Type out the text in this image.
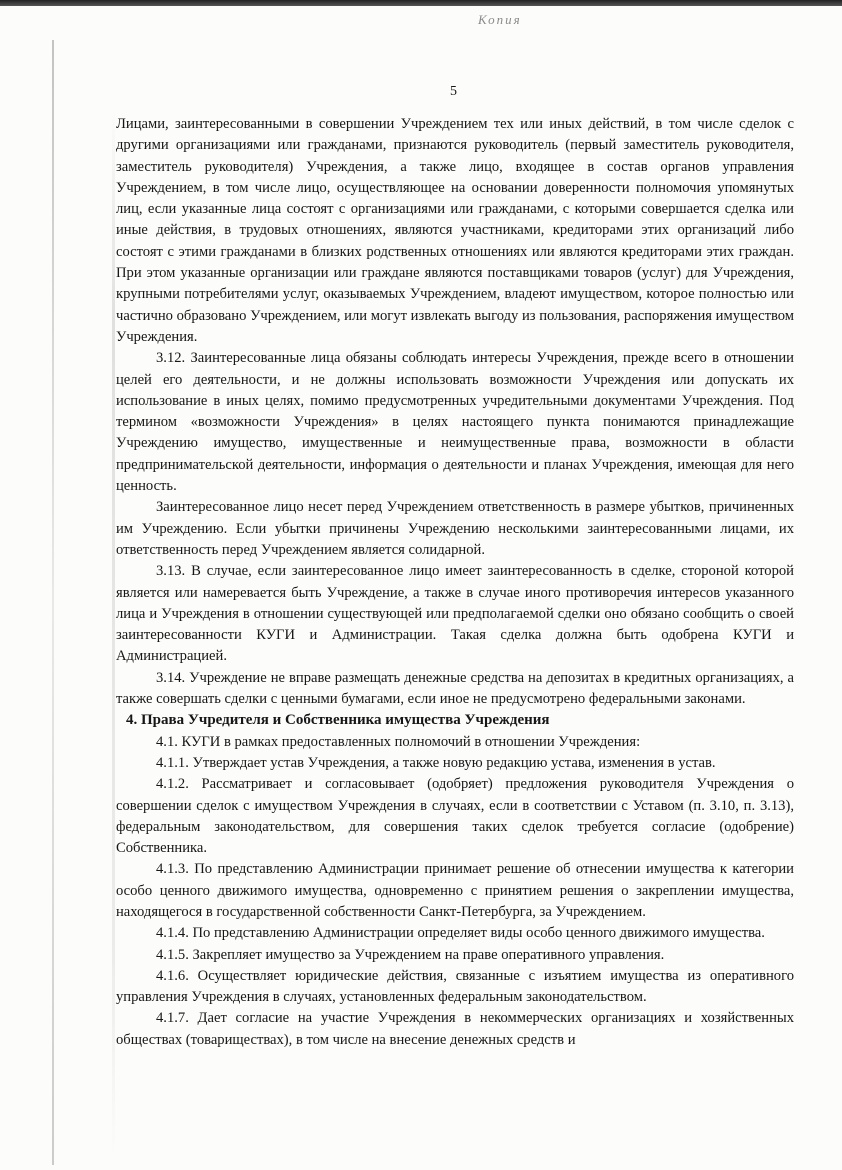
Копия
5

Лицами, заинтересованными в совершении Учреждением тех или иных действий, в том числе сделок с другими организациями или гражданами, признаются руководитель (первый заместитель руководителя, заместитель руководителя) Учреждения, а также лицо, входящее в состав органов управления Учреждением, в том числе лицо, осуществляющее на основании доверенности полномочия упомянутых лиц, если указанные лица состоят с организациями или гражданами, с которыми совершается сделка или иные действия, в трудовых отношениях, являются участниками, кредиторами этих организаций либо состоят с этими гражданами в близких родственных отношениях или являются кредиторами этих граждан. При этом указанные организации или граждане являются поставщиками товаров (услуг) для Учреждения, крупными потребителями услуг, оказываемых Учреждением, владеют имуществом, которое полностью или частично образовано Учреждением, или могут извлекать выгоду из пользования, распоряжения имуществом Учреждения.

3.12. Заинтересованные лица обязаны соблюдать интересы Учреждения, прежде всего в отношении целей его деятельности, и не должны использовать возможности Учреждения или допускать их использование в иных целях, помимо предусмотренных учредительными документами Учреждения. Под термином «возможности Учреждения» в целях настоящего пункта понимаются принадлежащие Учреждению имущество, имущественные и неимущественные права, возможности в области предпринимательской деятельности, информация о деятельности и планах Учреждения, имеющая для него ценность.

Заинтересованное лицо несет перед Учреждением ответственность в размере убытков, причиненных им Учреждению. Если убытки причинены Учреждению несколькими заинтересованными лицами, их ответственность перед Учреждением является солидарной.

3.13. В случае, если заинтересованное лицо имеет заинтересованность в сделке, стороной которой является или намеревается быть Учреждение, а также в случае иного противоречия интересов указанного лица и Учреждения в отношении существующей или предполагаемой сделки оно обязано сообщить о своей заинтересованности КУГИ и Администрации. Такая сделка должна быть одобрена КУГИ и Администрацией.

3.14. Учреждение не вправе размещать денежные средства на депозитах в кредитных организациях, а также совершать сделки с ценными бумагами, если иное не предусмотрено федеральными законами.

4. Права Учредителя и Собственника имущества Учреждения

4.1. КУГИ в рамках предоставленных полномочий в отношении Учреждения:

4.1.1. Утверждает устав Учреждения, а также новую редакцию устава, изменения в устав.

4.1.2. Рассматривает и согласовывает (одобряет) предложения руководителя Учреждения о совершении сделок с имуществом Учреждения в случаях, если в соответствии с Уставом (п. 3.10, п. 3.13), федеральным законодательством, для совершения таких сделок требуется согласие (одобрение) Собственника.

4.1.3. По представлению Администрации принимает решение об отнесении имущества к категории особо ценного движимого имущества, одновременно с принятием решения о закреплении имущества, находящегося в государственной собственности Санкт-Петербурга, за Учреждением.

4.1.4. По представлению Администрации определяет виды особо ценного движимого имущества.

4.1.5. Закрепляет имущество за Учреждением на праве оперативного управления.

4.1.6. Осуществляет юридические действия, связанные с изъятием имущества из оперативного управления Учреждения в случаях, установленных федеральным законодательством.

4.1.7. Дает согласие на участие Учреждения в некоммерческих организациях и хозяйственных обществах (товариществах), в том числе на внесение денежных средств и
